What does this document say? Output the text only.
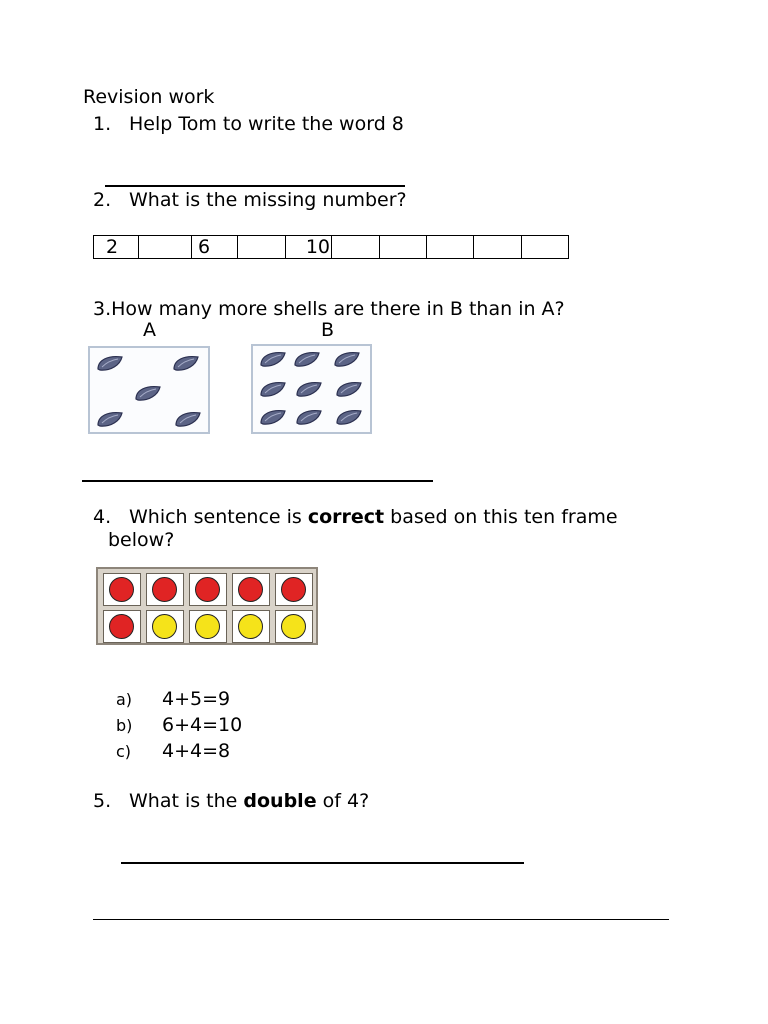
Revision work
1. Help Tom to write the word 8
2. What is the missing number?
2		6		10					
3.How many more shells are there in B than in A?
A	B
4. Which sentence is correct based on this ten frame
below?
a) 4+5=9
b) 6+4=10
c) 4+4=8
5. What is the double of 4?
